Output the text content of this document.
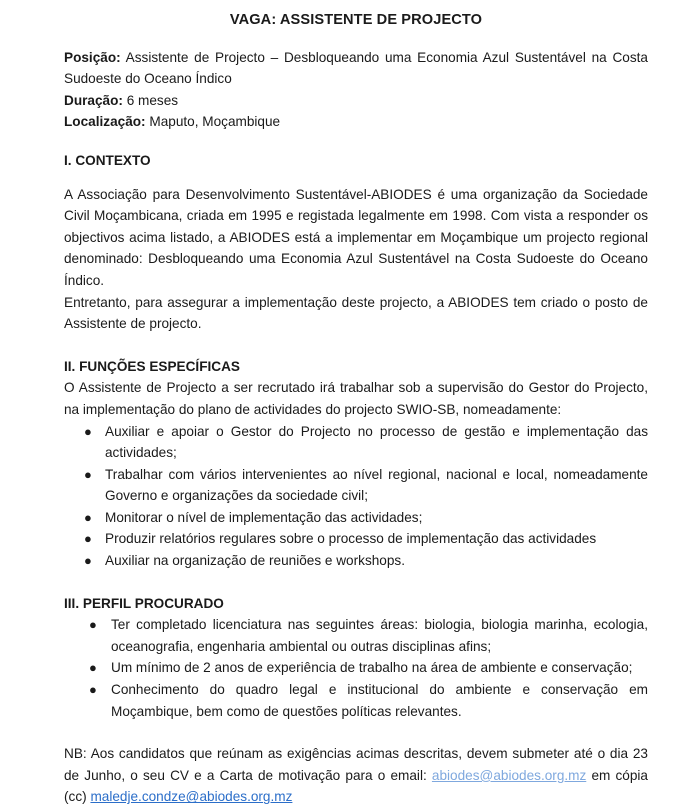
VAGA: ASSISTENTE DE PROJECTO

Posição: Assistente de Projecto – Desbloqueando uma Economia Azul Sustentável na Costa Sudoeste do Oceano Índico

Duração: 6 meses

Localização: Maputo, Moçambique

I. CONTEXTO

A Associação para Desenvolvimento Sustentável-ABIODES é uma organização da Sociedade Civil Moçambicana, criada em 1995 e registada legalmente em 1998. Com vista a responder os objectivos acima listado, a ABIODES está a implementar em Moçambique um projecto regional denominado: Desbloqueando uma Economia Azul Sustentável na Costa Sudoeste do Oceano Índico.

Entretanto, para assegurar a implementação deste projecto, a ABIODES tem criado o posto de Assistente de projecto.

II. FUNÇÕES ESPECÍFICAS

O Assistente de Projecto a ser recrutado irá trabalhar sob a supervisão do Gestor do Projecto, na implementação do plano de actividades do projecto SWIO-SB, nomeadamente:

● Auxiliar e apoiar o Gestor do Projecto no processo de gestão e implementação das actividades;
● Trabalhar com vários intervenientes ao nível regional, nacional e local, nomeadamente Governo e organizações da sociedade civil;
● Monitorar o nível de implementação das actividades;
● Produzir relatórios regulares sobre o processo de implementação das actividades
● Auxiliar na organização de reuniões e workshops.

III. PERFIL PROCURADO

● Ter completado licenciatura nas seguintes áreas: biologia, biologia marinha, ecologia, oceanografia, engenharia ambiental ou outras disciplinas afins;
● Um mínimo de 2 anos de experiência de trabalho na área de ambiente e conservação;
● Conhecimento do quadro legal e institucional do ambiente e conservação em Moçambique, bem como de questões políticas relevantes.

NB: Aos candidatos que reúnam as exigências acimas descritas, devem submeter até o dia 23 de Junho, o seu CV e a Carta de motivação para o email: abiodes@abiodes.org.mz em cópia (cc) maledje.condze@abiodes.org.mz
